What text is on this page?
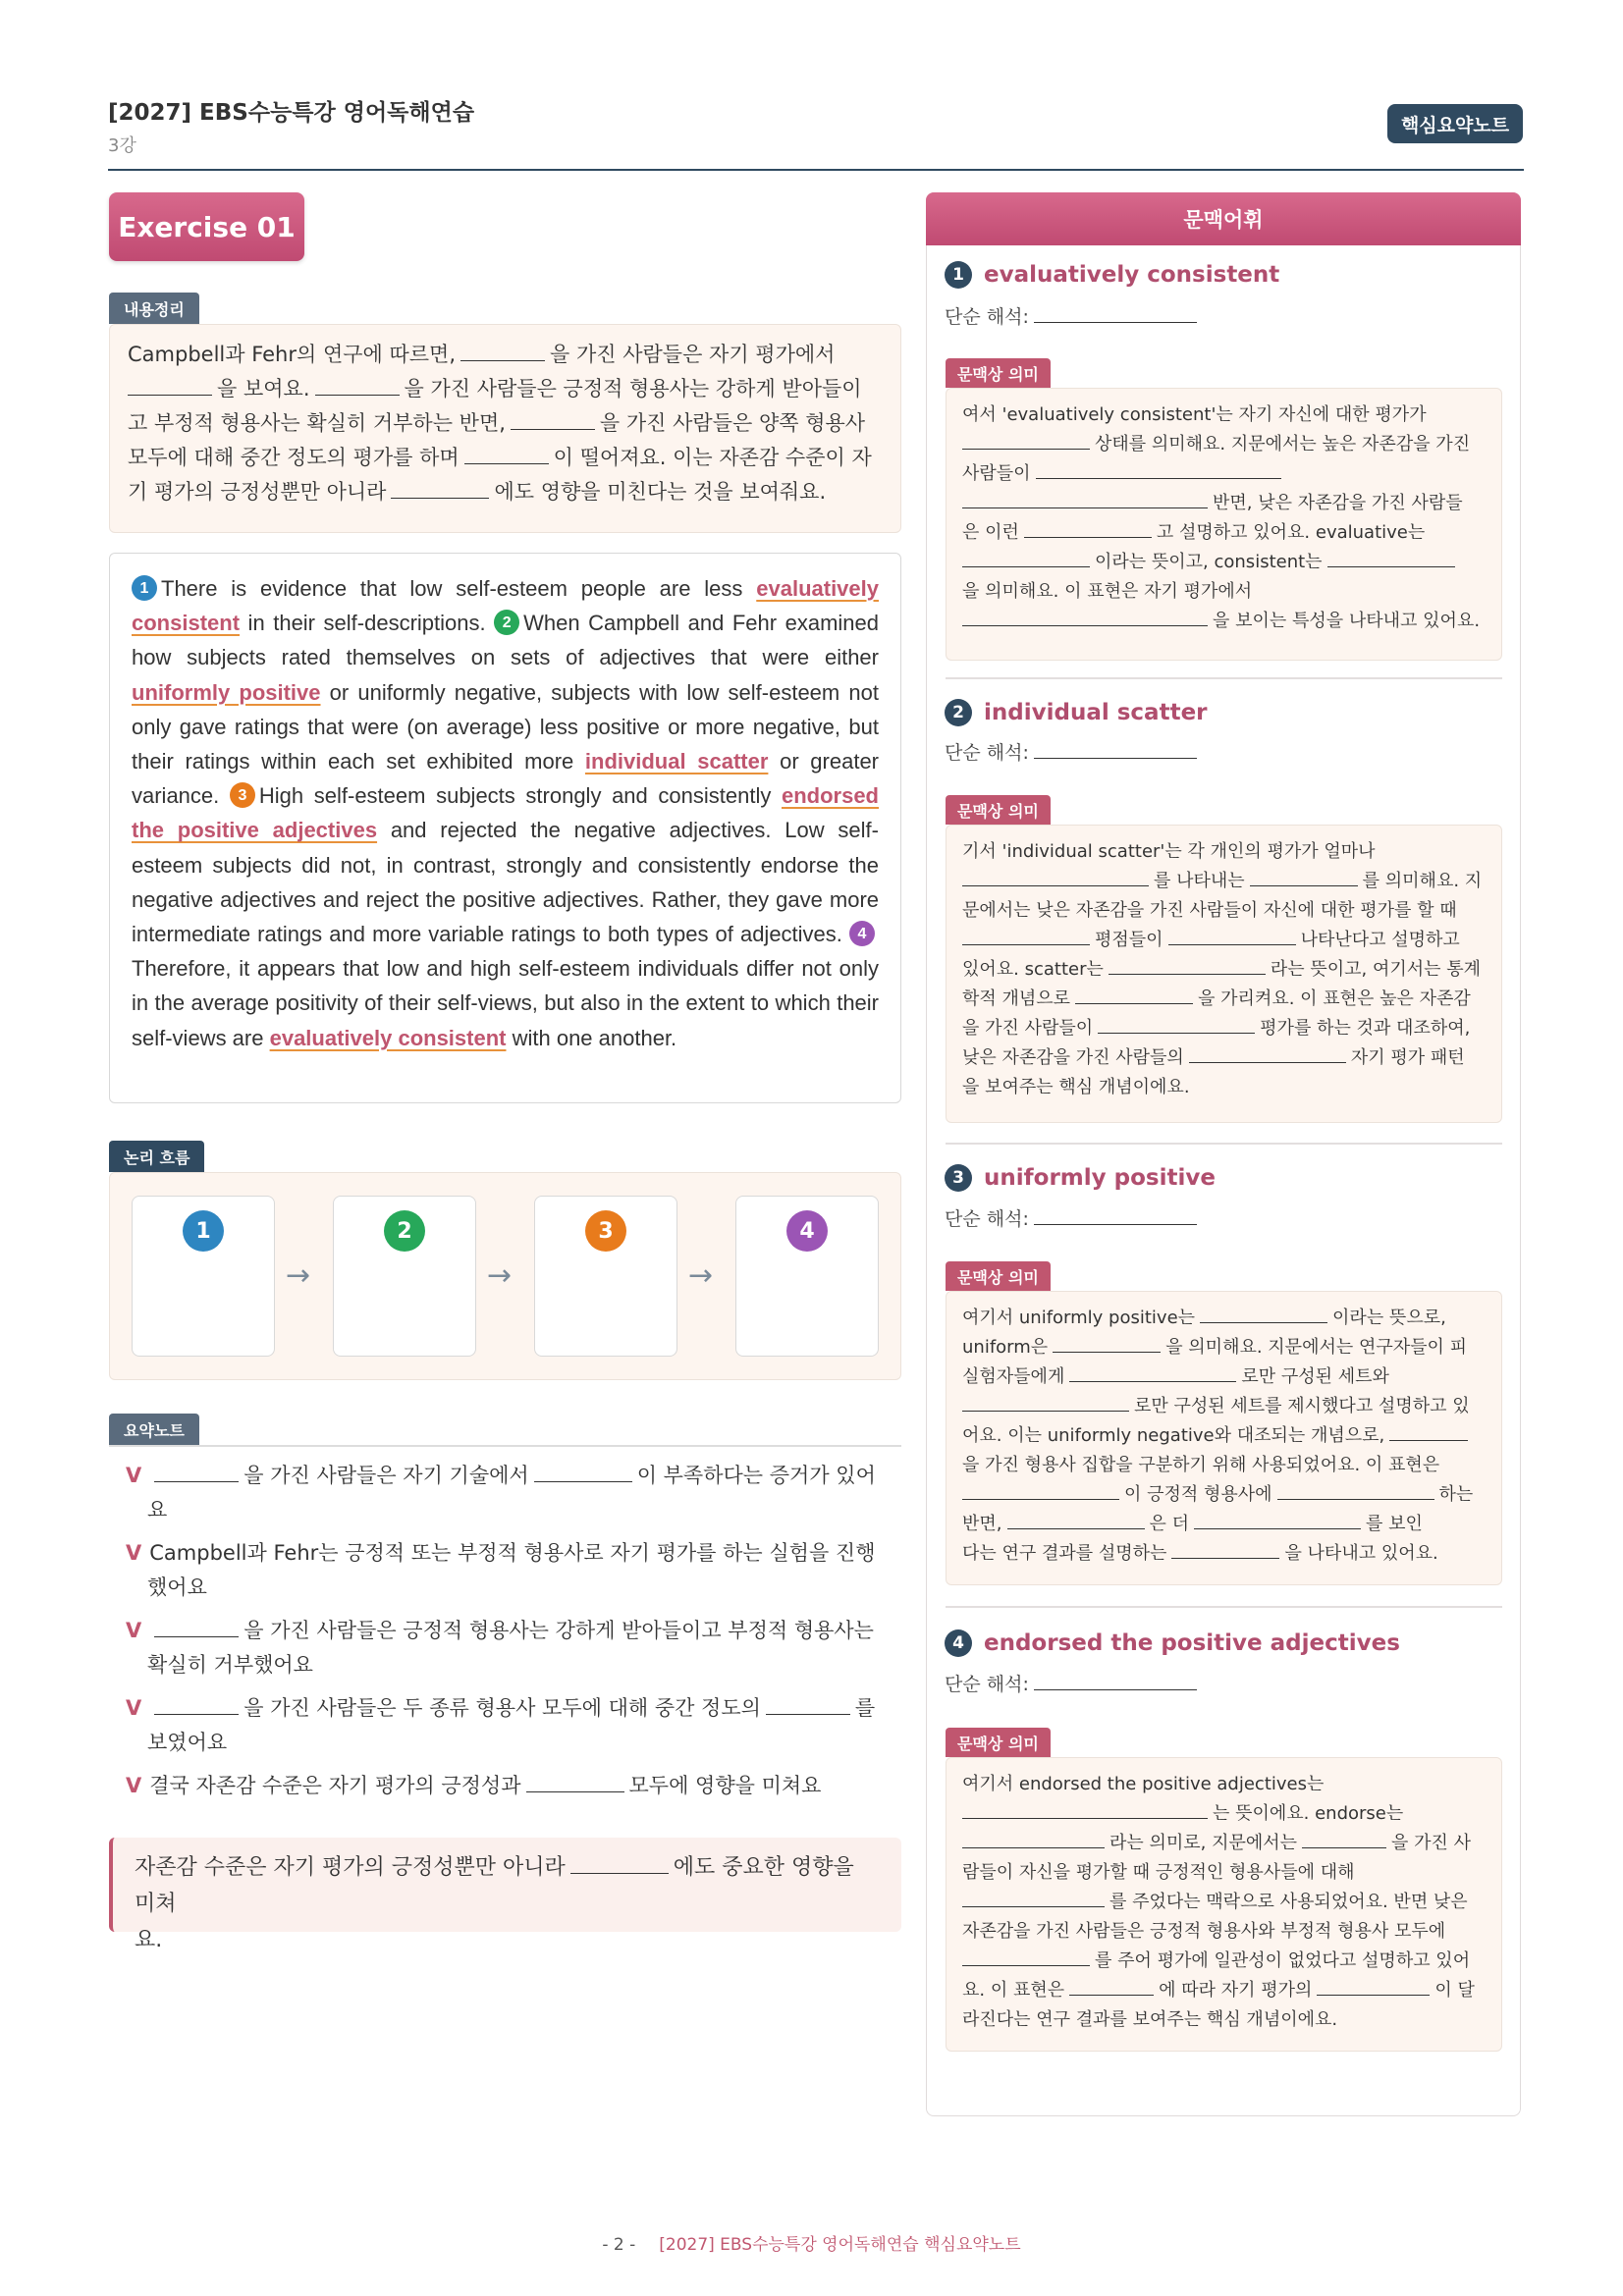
[2027] EBS수능특강 영어독해연습
3강
핵심요약노트
Exercise 01
내용정리
Campbell과 Fehr의 연구에 따르면,	을 가진 사람들은 자기 평가에서
을 보여요.	을 가진 사람들은 긍정적 형용사는 강하게 받아들이
고 부정적 형용사는 확실히 거부하는 반면,	을 가진 사람들은 양쪽 형용사
모두에 대해 중간 정도의 평가를 하며	이 떨어져요. 이는 자존감 수준이 자
기 평가의 긍정성뿐만 아니라	에도 영향을 미친다는 것을 보여줘요.
1 There is evidence that low self-esteem people are less evaluatively consistent in their self-descriptions. 2 When Campbell and Fehr examined how subjects rated themselves on sets of adjectives that were either uniformly positive or uniformly negative, subjects with low self-esteem not only gave ratings that were (on average) less positive or more negative, but their ratings within each set exhibited more individual scatter or greater variance. 3 High self-esteem subjects strongly and consistently endorsed the positive adjectives and rejected the negative adjectives. Low self-esteem subjects did not, in contrast, strongly and consistently endorse the negative adjectives and reject the positive adjectives. Rather, they gave more intermediate ratings and more variable ratings to both types of adjectives. 4Therefore, it appears that low and high self-esteem individuals differ not only in the average positivity of their self-views, but also in the extent to which their self-views are evaluatively consistent with one another.
논리 흐름
1
→
2
→
3
→
4
요약노트
V	을 가진 사람들은 자기 기술에서	이 부족하다는 증거가 있어
요
V Campbell과 Fehr는 긍정적 또는 부정적 형용사로 자기 평가를 하는 실험을 진행
했어요
V	을 가진 사람들은 긍정적 형용사는 강하게 받아들이고 부정적 형용사는
확실히 거부했어요
V	을 가진 사람들은 두 종류 형용사 모두에 대해 중간 정도의	를
보였어요
V 결국 자존감 수준은 자기 평가의 긍정성과	모두에 영향을 미쳐요
자존감 수준은 자기 평가의 긍정성뿐만 아니라	에도 중요한 영향을 미쳐
요.
문맥어휘
1 evaluatively consistent
단순 해석:
문맥상 의미
여서 'evaluatively consistent'는 자기 자신에 대한 평가가
상태를 의미해요. 지문에서는 높은 자존감을 가진
사람들이
반면, 낮은 자존감을 가진 사람들
은 이런	고 설명하고 있어요. evaluative는
이라는 뜻이고, consistent는
을 의미해요. 이 표현은 자기 평가에서
을 보이는 특성을 나타내고 있어요.
2 individual scatter
단순 해석:
문맥상 의미
기서 'individual scatter'는 각 개인의 평가가 얼마나
를 나타내는	를 의미해요. 지
문에서는 낮은 자존감을 가진 사람들이 자신에 대한 평가를 할 때
평점들이	나타난다고 설명하고
있어요. scatter는	라는 뜻이고, 여기서는 통계
학적 개념으로	을 가리켜요. 이 표현은 높은 자존감
을 가진 사람들이	평가를 하는 것과 대조하여,
낮은 자존감을 가진 사람들의	자기 평가 패턴
을 보여주는 핵심 개념이에요.
3 uniformly positive
단순 해석:
문맥상 의미
여기서 uniformly positive는	이라는 뜻으로,
uniform은	을 의미해요. 지문에서는 연구자들이 피
실험자들에게	로만 구성된 세트와
로만 구성된 세트를 제시했다고 설명하고 있
어요. 이는 uniformly negative와 대조되는 개념으로,
을 가진 형용사 집합을 구분하기 위해 사용되었어요. 이 표현은
이 긍정적 형용사에	하는
반면,	은 더	를 보인
다는 연구 결과를 설명하는	을 나타내고 있어요.
4 endorsed the positive adjectives
단순 해석:
문맥상 의미
여기서 endorsed the positive adjectives는
는 뜻이에요. endorse는
라는 의미로, 지문에서는	을 가진 사
람들이 자신을 평가할 때 긍정적인 형용사들에 대해
를 주었다는 맥락으로 사용되었어요. 반면 낮은
자존감을 가진 사람들은 긍정적 형용사와 부정적 형용사 모두에
를 주어 평가에 일관성이 없었다고 설명하고 있어
요. 이 표현은	에 따라 자기 평가의	이 달
라진다는 연구 결과를 보여주는 핵심 개념이에요.
- 2 - [2027] EBS수능특강 영어독해연습 핵심요약노트
